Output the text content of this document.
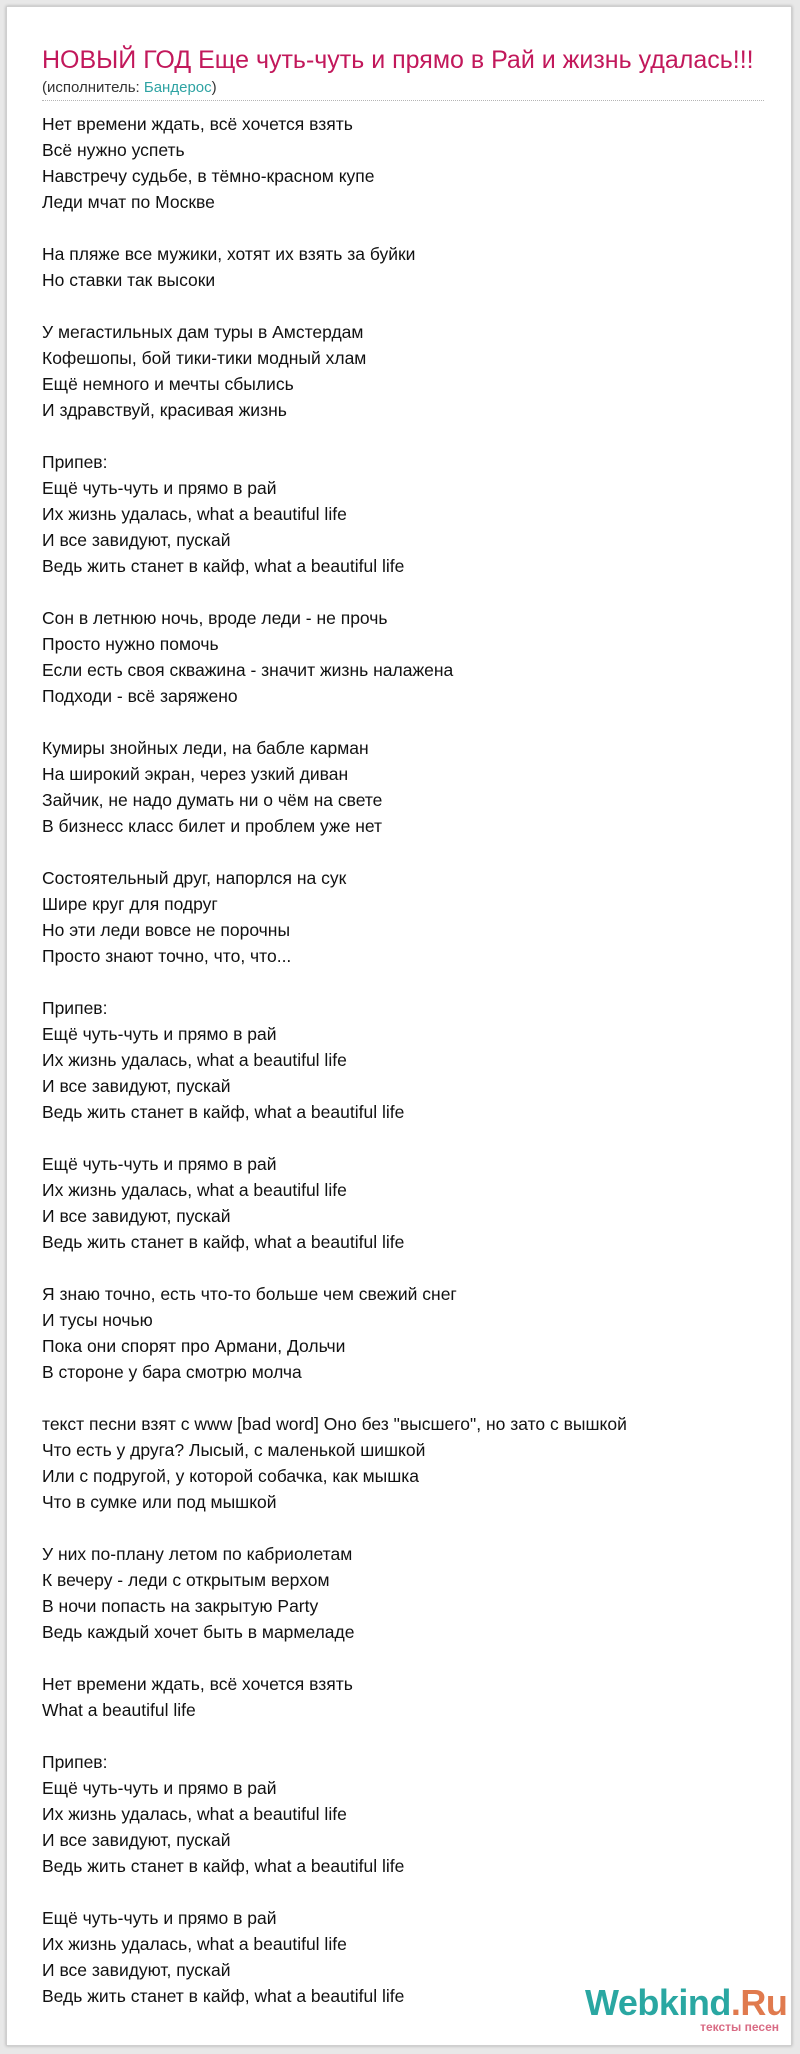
НОВЫЙ ГОД Еще чуть-чуть и прямо в Рай и жизнь удалась!!!
(исполнитель: Бандерос)
Нет времени ждать, всё хочется взять
Всё нужно успеть
Навстречу судьбе, в тёмно-красном купе
Леди мчат по Москве
На пляже все мужики, хотят их взять за буйки
Но ставки так высоки
У мегастильных дам туры в Амстердам
Кофешопы, бой тики-тики модный хлам
Ещё немного и мечты сбылись
И здравствуй, красивая жизнь
Припев:
Ещё чуть-чуть и прямо в рай
Их жизнь удалась, what a beautiful life
И все завидуют, пускай
Ведь жить станет в кайф, what a beautiful life
Сон в летнюю ночь, вроде леди - не прочь
Просто нужно помочь
Если есть своя скважина - значит жизнь налажена
Подходи - всё заряжено
Кумиры знойных леди, на бабле карман
На широкий экран, через узкий диван
Зайчик, не надо думать ни о чём на свете
В бизнесс класс билет и проблем уже нет
Состоятельный друг, напорлся на сук
Шире круг для подруг
Но эти леди вовсе не порочны
Просто знают точно, что, что...
Припев:
Ещё чуть-чуть и прямо в рай
Их жизнь удалась, what a beautiful life
И все завидуют, пускай
Ведь жить станет в кайф, what a beautiful life
Ещё чуть-чуть и прямо в рай
Их жизнь удалась, what a beautiful life
И все завидуют, пускай
Ведь жить станет в кайф, what a beautiful life
Я знаю точно, есть что-то больше чем свежий снег
И тусы ночью
Пока они спорят про Армани, Дольчи
В стороне у бара смотрю молча
текст песни взят с www [bad word] Оно без "высшего", но зато с вышкой
Что есть у друга? Лысый, с маленькой шишкой
Или с подругой, у которой собачка, как мышка
Что в сумке или под мышкой
У них по-плану летом по кабриолетам
К вечеру - леди с открытым верхом
В ночи попасть на закрытую Party
Ведь каждый хочет быть в мармеладе
Нет времени ждать, всё хочется взять
What a beautiful life
Припев:
Ещё чуть-чуть и прямо в рай
Их жизнь удалась, what a beautiful life
И все завидуют, пускай
Ведь жить станет в кайф, what a beautiful life
Ещё чуть-чуть и прямо в рай
Их жизнь удалась, what a beautiful life
И все завидуют, пускай
Ведь жить станет в кайф, what a beautiful life	Webkind.Ru
тексты песен
